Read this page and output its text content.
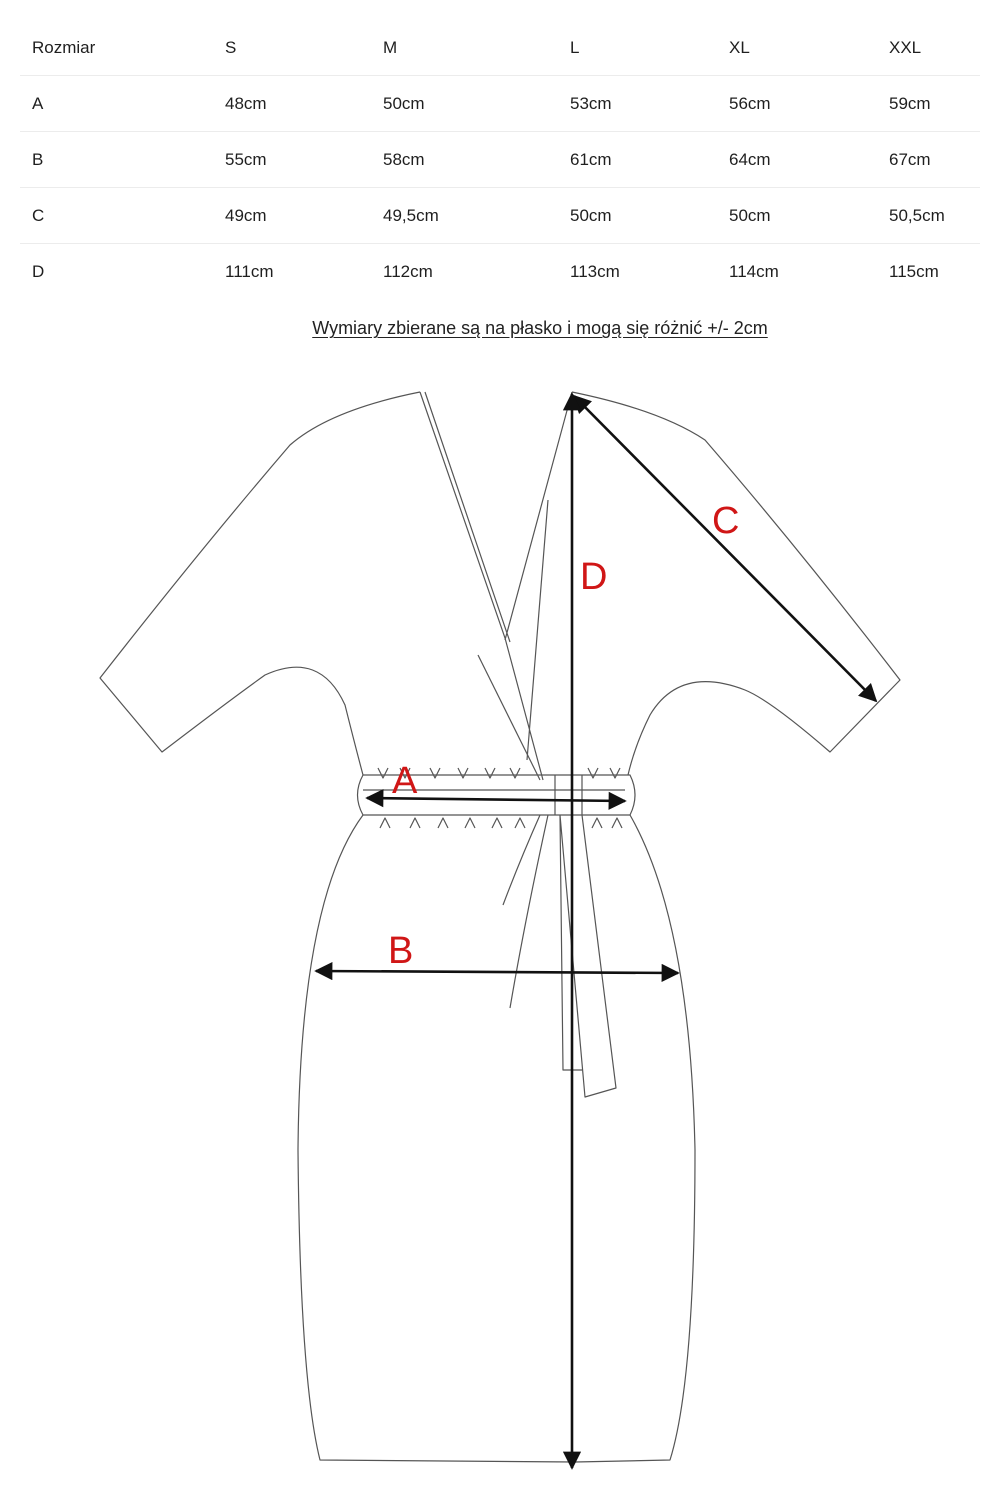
Rozmiar	S	M	L	XL	XXL
A	48cm	50cm	53cm	56cm	59cm
B	55cm	58cm	61cm	64cm	67cm
C	49cm	49,5cm	50cm	50cm	50,5cm
D	111cm	112cm	113cm	114cm	115cm
Wymiary zbierane są na płasko i mogą się różnić +/- 2cm
A
B
C
D
